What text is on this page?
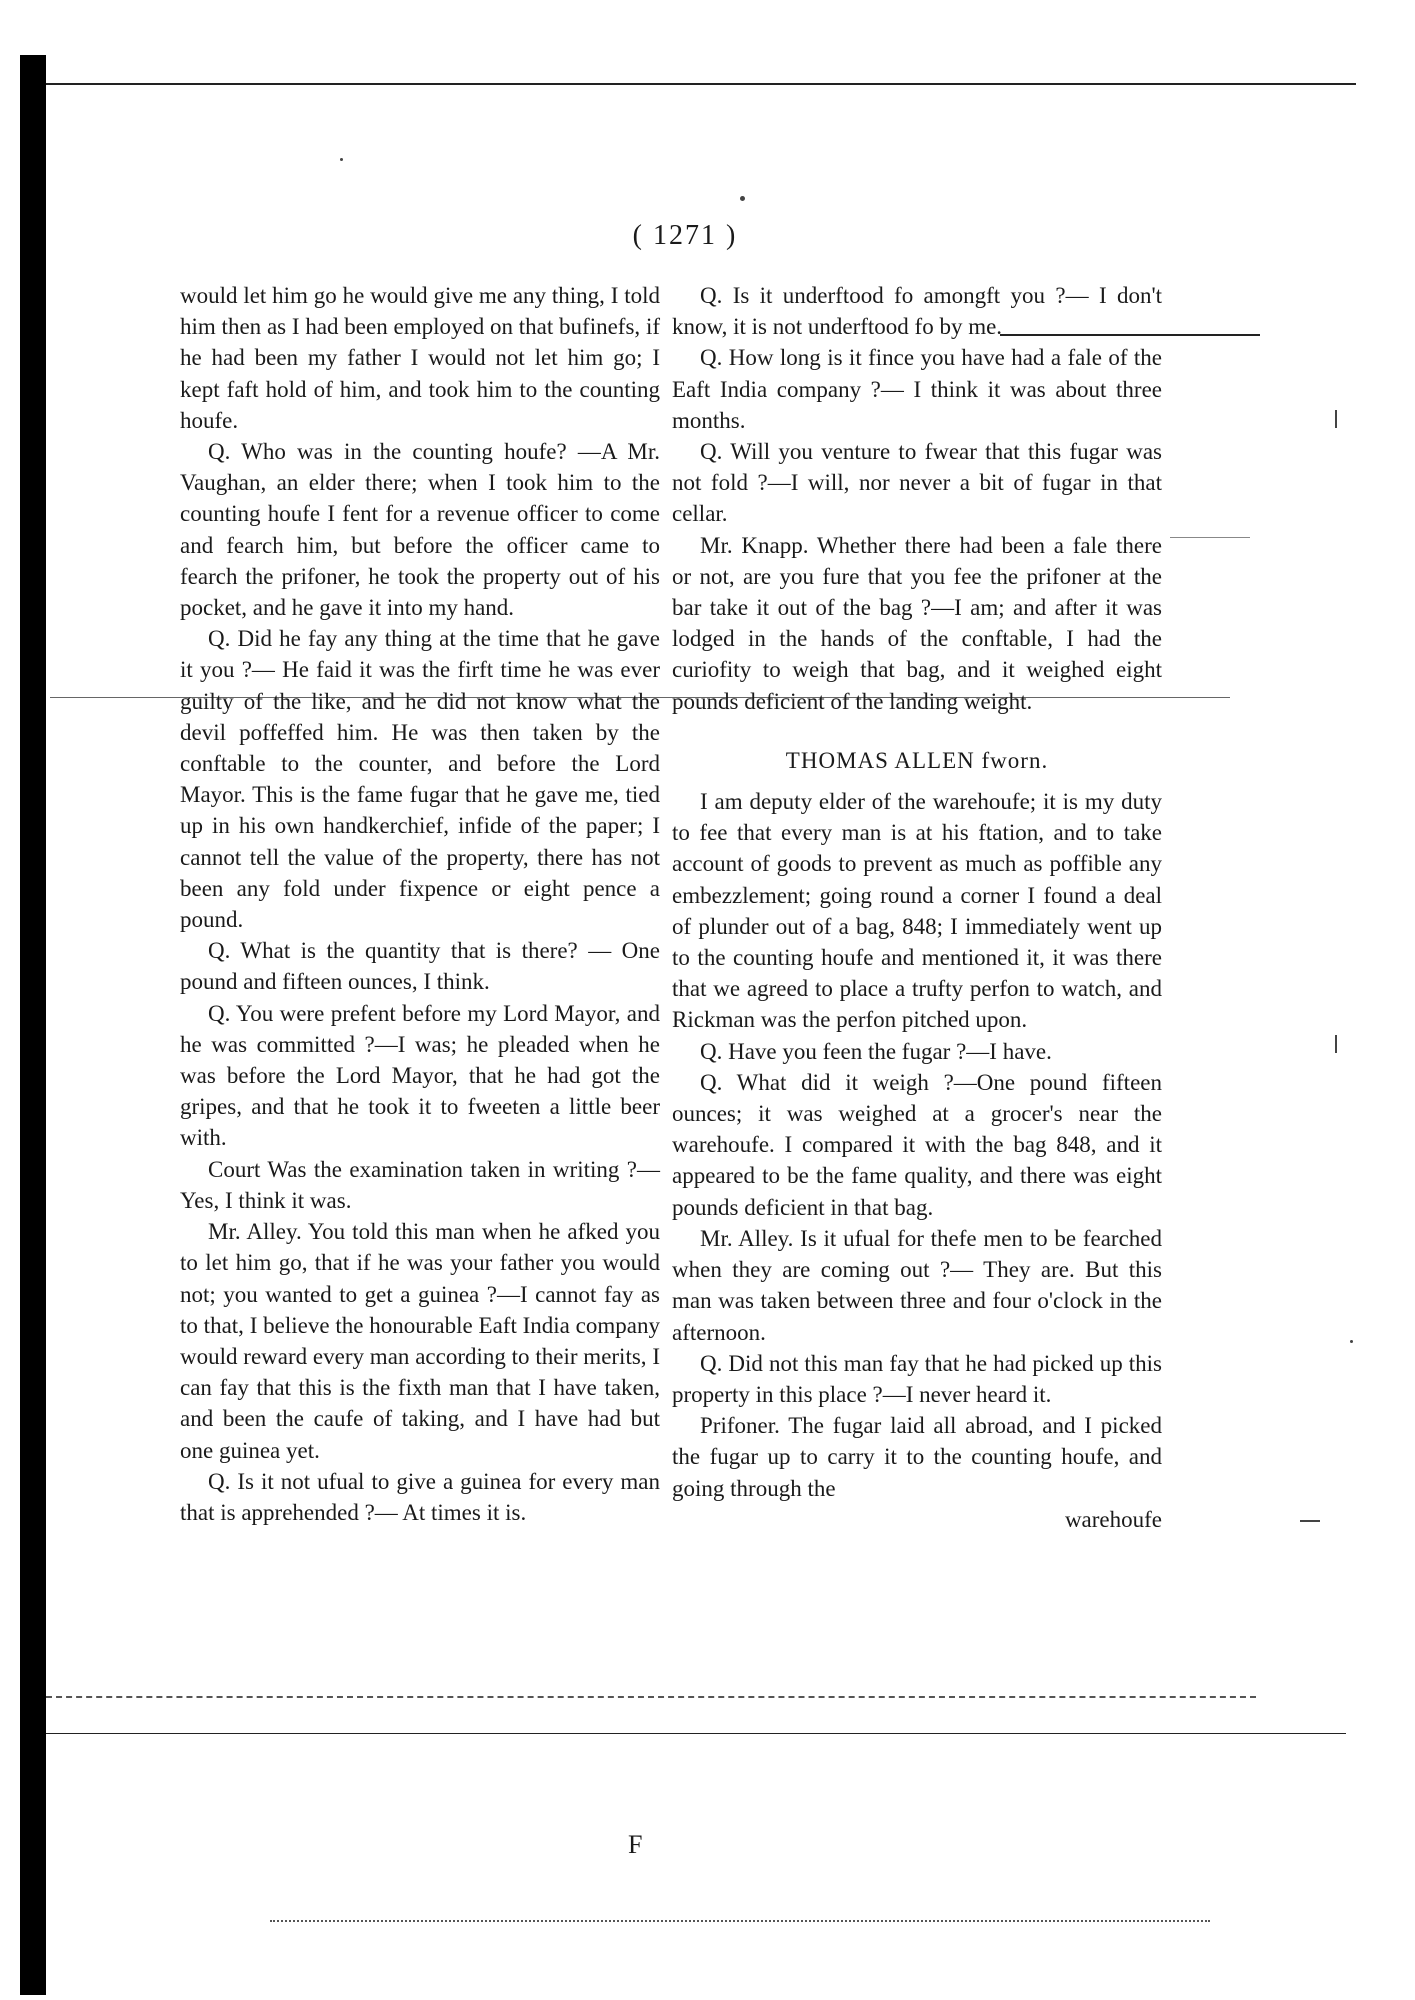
( 1271 )

would let him go he would give me any thing, I told him then as I had been employed on that bufinefs, if he had been my father I would not let him go; I kept faft hold of him, and took him to the counting houfe.

Q. Who was in the counting houfe? —A Mr. Vaughan, an elder there; when I took him to the counting houfe I fent for a revenue officer to come and fearch him, but before the officer came to fearch the prifoner, he took the property out of his pocket, and he gave it into my hand.

Q. Did he fay any thing at the time that he gave it you ?— He faid it was the firft time he was ever guilty of the like, and he did not know what the devil poffeffed him. He was then taken by the conftable to the counter, and before the Lord Mayor. This is the fame fugar that he gave me, tied up in his own handkerchief, infide of the paper; I cannot tell the value of the property, there has not been any fold under fixpence or eight pence a pound.

Q. What is the quantity that is there? — One pound and fifteen ounces, I think.

Q. You were prefent before my Lord Mayor, and he was committed ?—I was; he pleaded when he was before the Lord Mayor, that he had got the gripes, and that he took it to fweeten a little beer with.

Court Was the examination taken in writing ?—Yes, I think it was.

Mr. Alley. You told this man when he afked you to let him go, that if he was your father you would not; you wanted to get a guinea ?—I cannot fay as to that, I believe the honourable Eaft India company would reward every man according to their merits, I can fay that this is the fixth man that I have taken, and been the caufe of taking, and I have had but one guinea yet.

Q. Is it not ufual to give a guinea for every man that is apprehended ?— At times it is.

Q. Is it underftood fo amongft you ?— I don't know, it is not underftood fo by me.

Q. How long is it fince you have had a fale of the Eaft India company ?— I think it was about three months.

Q. Will you venture to fwear that this fugar was not fold ?—I will, nor never a bit of fugar in that cellar.

Mr. Knapp. Whether there had been a fale there or not, are you fure that you fee the prifoner at the bar take it out of the bag ?—I am; and after it was lodged in the hands of the conftable, I had the curiofity to weigh that bag, and it weighed eight pounds deficient of the landing weight.

THOMAS ALLEN fworn.

I am deputy elder of the warehoufe; it is my duty to fee that every man is at his ftation, and to take account of goods to prevent as much as poffible any embezzlement; going round a corner I found a deal of plunder out of a bag, 848; I immediately went up to the counting houfe and mentioned it, it was there that we agreed to place a trufty perfon to watch, and Rickman was the perfon pitched upon.

Q. Have you feen the fugar ?—I have.

Q. What did it weigh ?—One pound fifteen ounces; it was weighed at a grocer's near the warehoufe. I compared it with the bag 848, and it appeared to be the fame quality, and there was eight pounds deficient in that bag.

Mr. Alley. Is it ufual for thefe men to be fearched when they are coming out ?— They are. But this man was taken between three and four o'clock in the afternoon.

Q. Did not this man fay that he had picked up this property in this place ?—I never heard it.

Prifoner. The fugar laid all abroad, and I picked the fugar up to carry it to the counting houfe, and going through the

warehoufe

F
